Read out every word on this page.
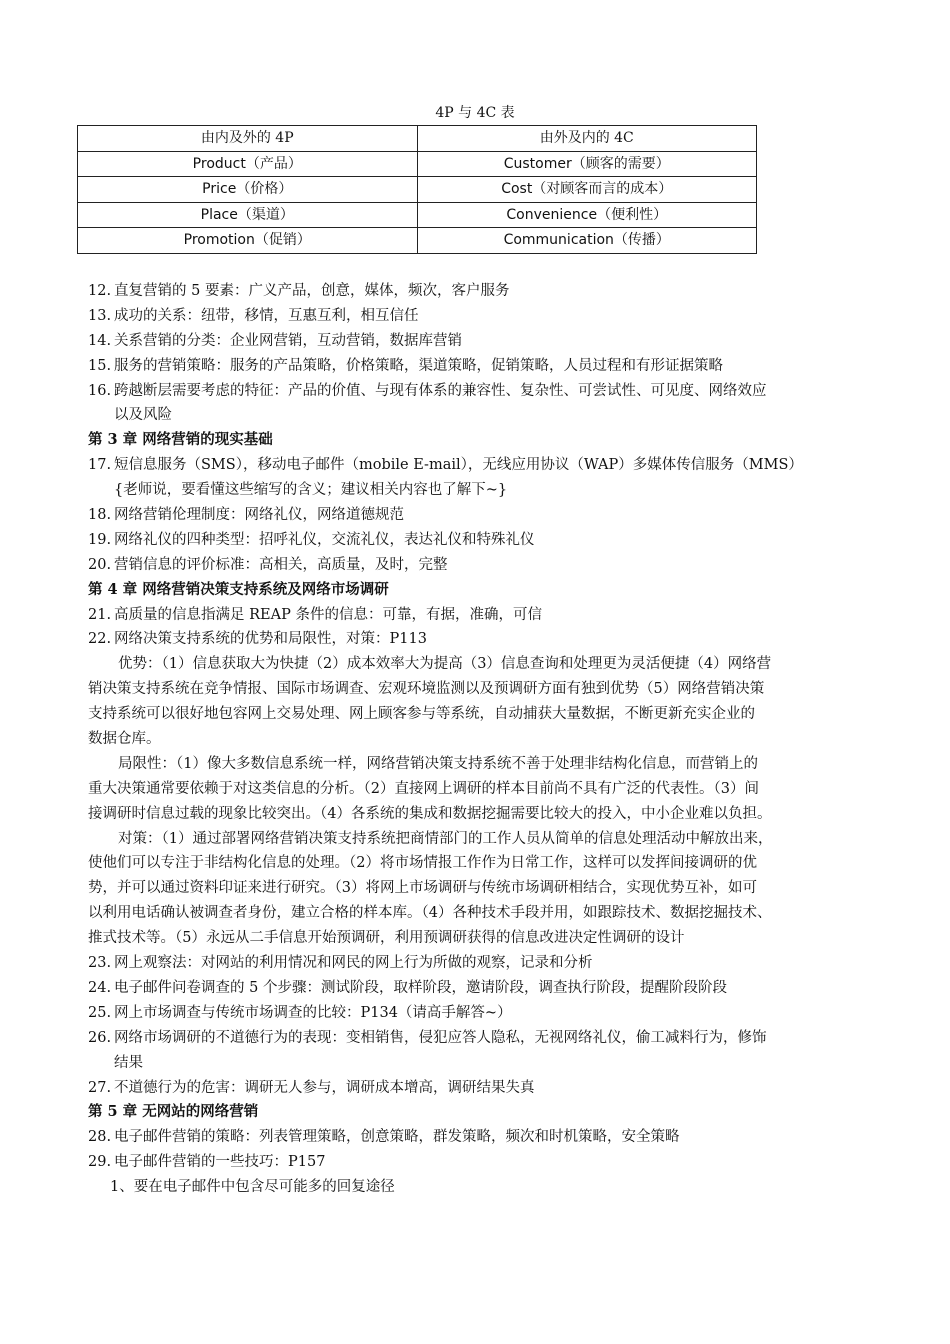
4P 与 4C 表
由内及外的 4P	由外及内的 4C
Product（产品）	Customer（顾客的需要）
Price（价格）	Cost（对顾客而言的成本）
Place（渠道）	Convenience（便利性）
Promotion（促销）	Communication（传播）
12. 直复营销的 5 要素：广义产品，创意，媒体，频次，客户服务
13. 成功的关系：纽带，移情，互惠互利，相互信任
14. 关系营销的分类：企业网营销，互动营销，数据库营销
15. 服务的营销策略：服务的产品策略，价格策略，渠道策略，促销策略，人员过程和有形证据策略
16. 跨越断层需要考虑的特征：产品的价值、与现有体系的兼容性、复杂性、可尝试性、可见度、网络效应
以及风险
第 3 章 网络营销的现实基础
17. 短信息服务（SMS），移动电子邮件（mobile E-mail），无线应用协议（WAP）多媒体传信服务（MMS）
{老师说，要看懂这些缩写的含义；建议相关内容也了解下~}
18. 网络营销伦理制度：网络礼仪，网络道德规范
19. 网络礼仪的四种类型：招呼礼仪，交流礼仪，表达礼仪和特殊礼仪
20. 营销信息的评价标准：高相关，高质量，及时，完整
第 4 章 网络营销决策支持系统及网络市场调研
21. 高质量的信息指满足 REAP 条件的信息：可靠，有据，准确，可信
22. 网络决策支持系统的优势和局限性，对策：P113
优势：（1）信息获取大为快捷（2）成本效率大为提高（3）信息查询和处理更为灵活便捷（4）网络营
销决策支持系统在竞争情报、国际市场调查、宏观环境监测以及预调研方面有独到优势（5）网络营销决策
支持系统可以很好地包容网上交易处理、网上顾客参与等系统，自动捕获大量数据，不断更新充实企业的
数据仓库。
局限性：（1）像大多数信息系统一样，网络营销决策支持系统不善于处理非结构化信息，而营销上的
重大决策通常要依赖于对这类信息的分析。（2）直接网上调研的样本目前尚不具有广泛的代表性。（3）间
接调研时信息过载的现象比较突出。（4）各系统的集成和数据挖掘需要比较大的投入，中小企业难以负担。
对策：（1）通过部署网络营销决策支持系统把商情部门的工作人员从简单的信息处理活动中解放出来，
使他们可以专注于非结构化信息的处理。（2）将市场情报工作作为日常工作，这样可以发挥间接调研的优
势，并可以通过资料印证来进行研究。（3）将网上市场调研与传统市场调研相结合，实现优势互补，如可
以利用电话确认被调查者身份，建立合格的样本库。（4）各种技术手段并用，如跟踪技术、数据挖掘技术、
推式技术等。（5）永远从二手信息开始预调研，利用预调研获得的信息改进决定性调研的设计
23. 网上观察法：对网站的利用情况和网民的网上行为所做的观察，记录和分析
24. 电子邮件问卷调查的 5 个步骤：测试阶段，取样阶段，邀请阶段，调查执行阶段，提醒阶段阶段
25. 网上市场调查与传统市场调查的比较：P134（请高手解答~）
26. 网络市场调研的不道德行为的表现：变相销售，侵犯应答人隐私，无视网络礼仪，偷工减料行为，修饰
结果
27. 不道德行为的危害：调研无人参与，调研成本增高，调研结果失真
第 5 章 无网站的网络营销
28. 电子邮件营销的策略：列表管理策略，创意策略，群发策略，频次和时机策略，安全策略
29. 电子邮件营销的一些技巧：P157
1、要在电子邮件中包含尽可能多的回复途径
